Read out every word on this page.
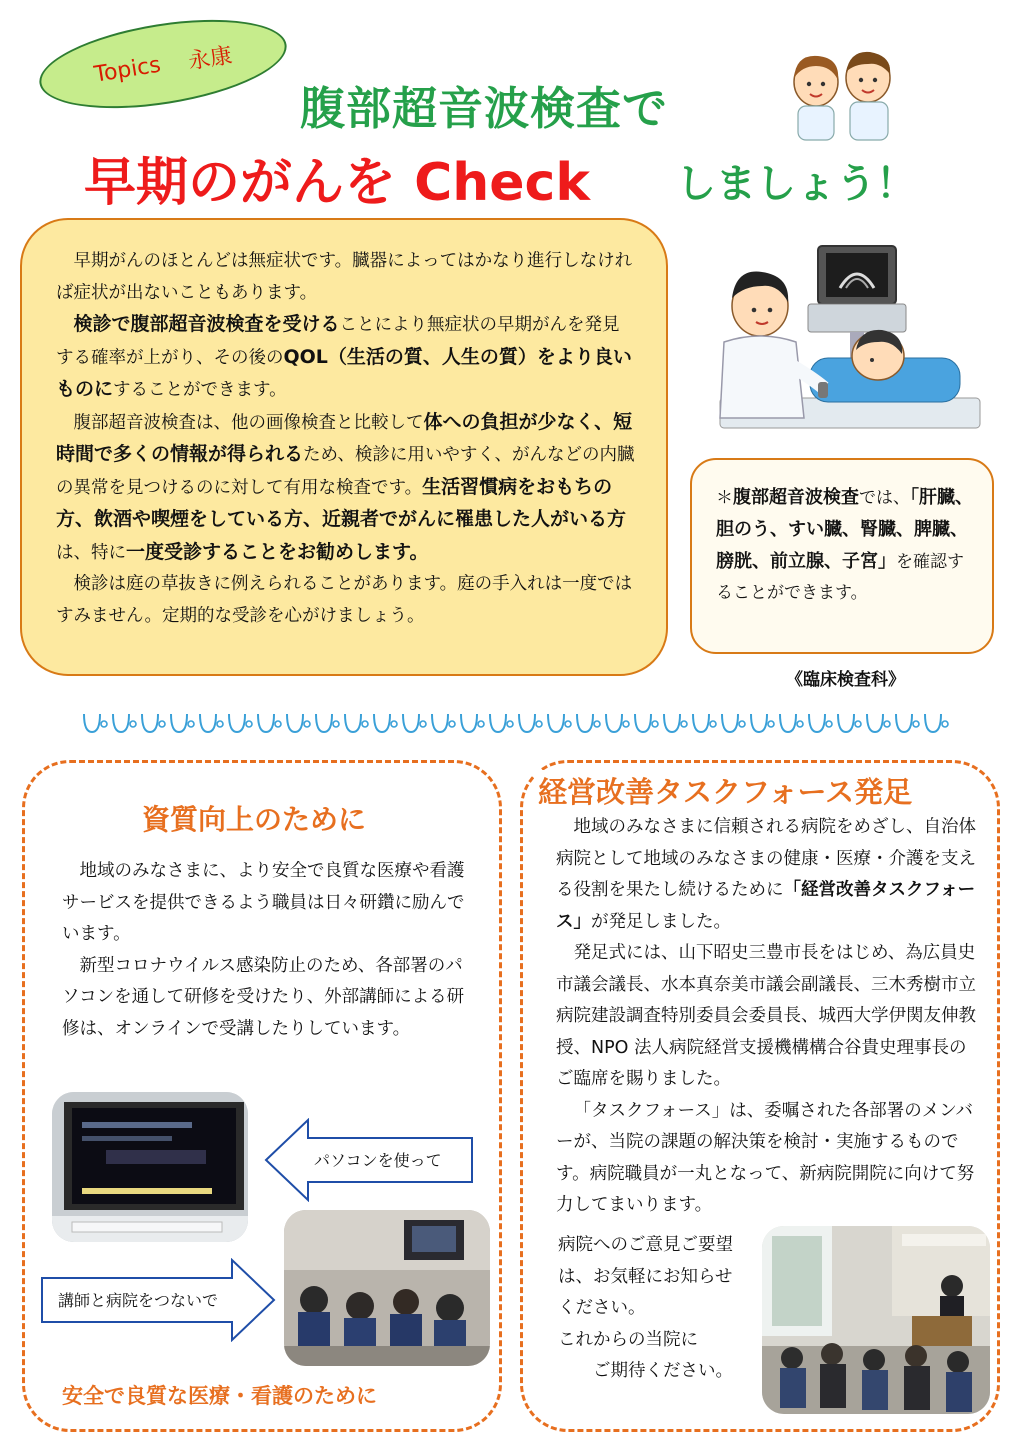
Topics 永康
腹部超音波検査で
早期のがんを Check しましょう！

早期がんのほとんどは無症状です。臓器によってはかなり進行しなければ症状が出ないこともあります。

検診で腹部超音波検査を受けることにより無症状の早期がんを発見する確率が上がり、その後のQOL（生活の質、人生の質）をより良いものにすることができます。

腹部超音波検査は、他の画像検査と比較して体への負担が少なく、短時間で多くの情報が得られるため、検診に用いやすく、がんなどの内臓の異常を見つけるのに対して有用な検査です。生活習慣病をおもちの方、飲酒や喫煙をしている方、近親者でがんに罹患した人がいる方は、特に一度受診することをお勧めします。

検診は庭の草抜きに例えられることがあります。庭の手入れは一度ではすみません。定期的な受診を心がけましょう。

＊腹部超音波検査では、「肝臓、胆のう、すい臓、腎臓、脾臓、膀胱、前立腺、子宮」を確認することができます。

《臨床検査科》
資質向上のために

地域のみなさまに、より安全で良質な医療や看護サービスを提供できるよう職員は日々研鑽に励んでいます。

新型コロナウイルス感染防止のため、各部署のパソコンを通して研修を受けたり、外部講師による研修は、オンラインで受講したりしています。

パソコンを使って
講師と病院をつないで
安全で良質な医療・看護のために
経営改善タスクフォース発足

地域のみなさまに信頼される病院をめざし、自治体病院として地域のみなさまの健康・医療・介護を支える役割を果たし続けるために「経営改善タスクフォース」が発足しました。

発足式には、山下昭史三豊市長をはじめ、為広員史市議会議長、水本真奈美市議会副議長、三木秀樹市立病院建設調査特別委員会委員長、城西大学伊関友伸教授、NPO 法人病院経営支援機構構合谷貴史理事長のご臨席を賜りました。

「タスクフォース」は、委嘱された各部署のメンバーが、当院の課題の解決策を検討・実施するものです。病院職員が一丸となって、新病院開院に向けて努力してまいります。

病院へのご意見ご要望
は、お気軽にお知らせ
ください。
これからの当院に
ご期待ください。
